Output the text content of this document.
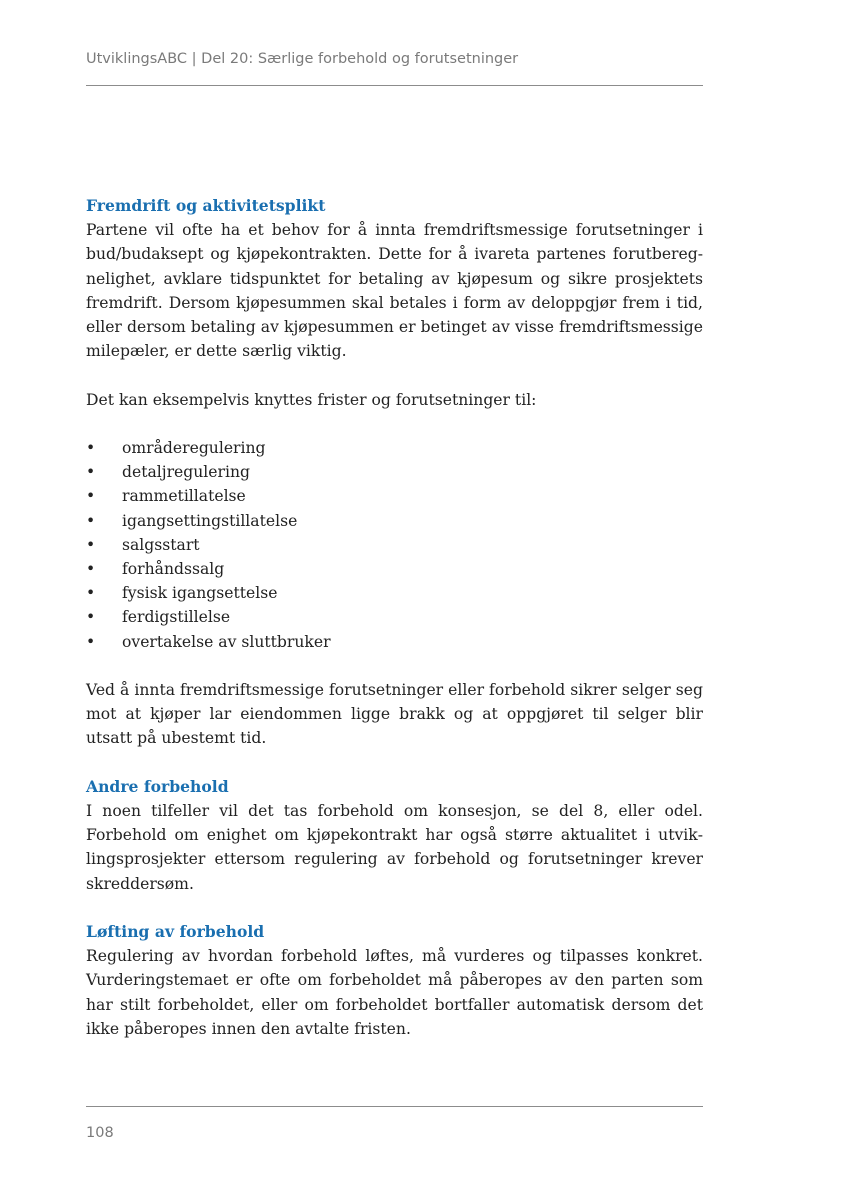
UtviklingsABC | Del 20: Særlige forbehold og forutsetninger
Fremdrift og aktivitetsplikt

Partene vil ofte ha et behov for å innta fremdriftsmessige forutsetninger i bud/budaksept og kjøpekontrakten. Dette for å ivareta partenes forutberegnelighet, avklare tidspunktet for betaling av kjøpesum og sikre prosjektets fremdrift. Dersom kjøpesummen skal betales i form av deloppgjør frem i tid, eller dersom betaling av kjøpesummen er betinget av visse fremdriftsmessige milepæler, er dette særlig viktig.

Det kan eksempelvis knyttes frister og forutsetninger til:

• områderegulering
• detaljregulering
• rammetillatelse
• igangsettingstillatelse
• salgsstart
• forhåndssalg
• fysisk igangsettelse
• ferdigstillelse
• overtakelse av sluttbruker

Ved å innta fremdriftsmessige forutsetninger eller forbehold sikrer selger seg mot at kjøper lar eiendommen ligge brakk og at oppgjøret til selger blir utsatt på ubestemt tid.

Andre forbehold

I noen tilfeller vil det tas forbehold om konsesjon, se del 8, eller odel. Forbehold om enighet om kjøpekontrakt har også større aktualitet i utviklingsprosjekter ettersom regulering av forbehold og forutsetninger krever skreddersøm.

Løfting av forbehold

Regulering av hvordan forbehold løftes, må vurderes og tilpasses konkret. Vurderingstemaet er ofte om forbeholdet må påberopes av den parten som har stilt forbeholdet, eller om forbeholdet bortfaller automatisk dersom det ikke påberopes innen den avtalte fristen.

108
